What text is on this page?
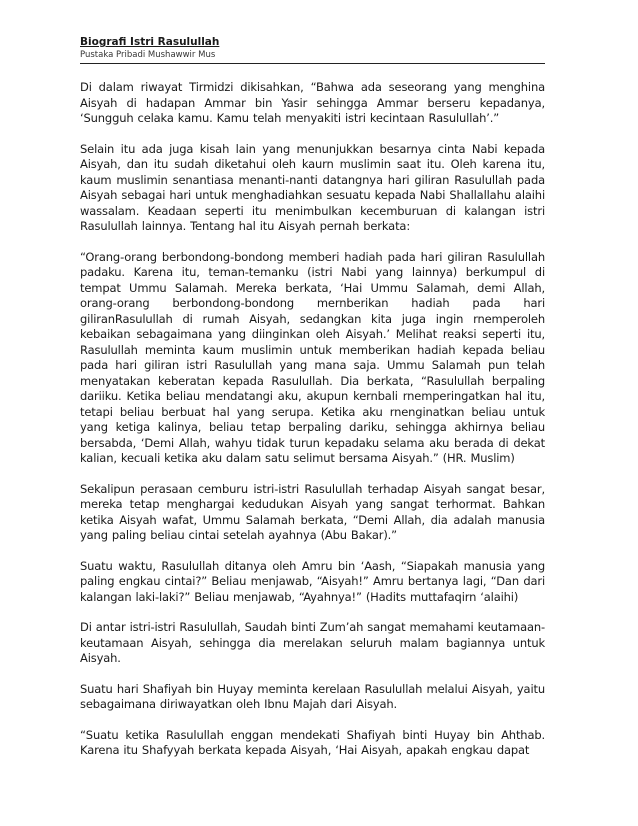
Biografi Istri Rasulullah

Pustaka Pribadi Mushawwir Mus

Di dalam riwayat Tirmidzi dikisahkan, “Bahwa ada seseorang yang menghina Aisyah di hadapan Ammar bin Yasir sehingga Ammar berseru kepadanya, ‘Sungguh celaka kamu. Kamu telah menyakiti istri kecintaan Rasulullah’.”

Selain itu ada juga kisah lain yang menunjukkan besarnya cinta Nabi kepada Aisyah, dan itu sudah diketahui oleh kaurn muslimin saat itu. Oleh karena itu, kaum muslimin senantiasa menanti-nanti datangnya hari giliran Rasulullah pada Aisyah sebagai hari untuk menghadiahkan sesuatu kepada Nabi Shallallahu alaihi wassalam. Keadaan seperti itu menimbulkan kecemburuan di kalangan istri Rasulullah lainnya. Tentang hal itu Aisyah pernah berkata:

“Orang-orang berbondong-bondong memberi hadiah pada hari giliran Rasulullah padaku. Karena itu, teman-temanku (istri Nabi yang lainnya) berkumpul di tempat Ummu Salamah. Mereka berkata, ‘Hai Ummu Salamah, demi Allah, orang-orang berbondong-bondong mernberikan hadiah pada hari giliranRasulullah di rumah Aisyah, sedangkan kita juga ingin rnemperoleh kebaikan sebagaimana yang diinginkan oleh Aisyah.’ Melihat reaksi seperti itu, Rasulullah meminta kaum muslimin untuk memberikan hadiah kepada beliau pada hari giliran istri Rasulullah yang mana saja. Ummu Salamah pun telah menyatakan keberatan kepada Rasulullah. Dia berkata, “Rasulullah berpaling dariiku. Ketika beliau mendatangi aku, akupun kernbali rnemperingatkan hal itu, tetapi beliau berbuat hal yang serupa. Ketika aku rnenginatkan beliau untuk yang ketiga kalinya, beliau tetap berpaling dariku, sehingga akhirnya beliau bersabda, ‘Demi Allah, wahyu tidak turun kepadaku selama aku berada di dekat kalian, kecuali ketika aku dalam satu selimut bersama Aisyah.” (HR. Muslim)

Sekalipun perasaan cemburu istri-istri Rasulullah terhadap Aisyah sangat besar, mereka tetap menghargai kedudukan Aisyah yang sangat terhormat. Bahkan ketika Aisyah wafat, Ummu Salamah berkata, “Demi Allah, dia adalah manusia yang paling beliau cintai setelah ayahnya (Abu Bakar).”

Suatu waktu, Rasulullah ditanya oleh Amru bin ‘Aash, “Siapakah manusia yang paling engkau cintai?” Beliau menjawab, “Aisyah!” Amru bertanya lagi, “Dan dari kalangan laki-laki?” Beliau menjawab, “Ayahnya!” (Hadits muttafaqirn ‘alaihi)

Di antar istri-istri Rasulullah, Saudah binti Zum’ah sangat memahami keutamaan- keutamaan Aisyah, sehingga dia merelakan seluruh malam bagiannya untuk Aisyah.

Suatu hari Shafiyah bin Huyay meminta kerelaan Rasulullah melalui Aisyah, yaitu sebagaimana diriwayatkan oleh Ibnu Majah dari Aisyah.

“Suatu ketika Rasulullah enggan mendekati Shafiyah binti Huyay bin Ahthab. Karena itu Shafyyah berkata kepada Aisyah, ‘Hai Aisyah, apakah engkau dapat
